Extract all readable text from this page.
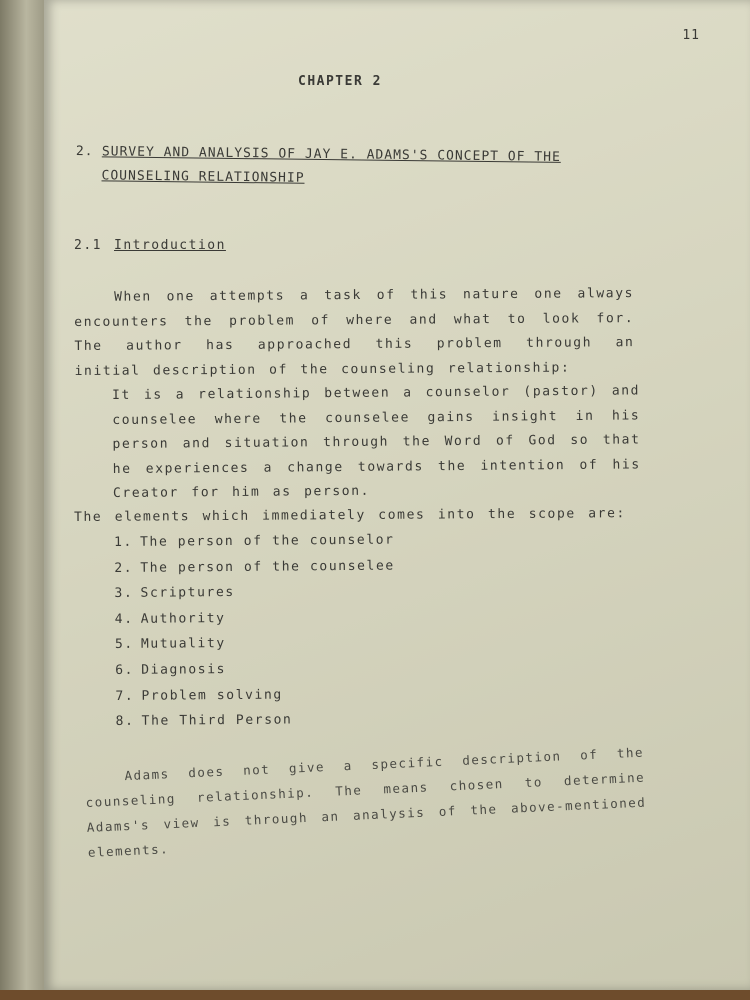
11
CHAPTER 2
2. SURVEY AND ANALYSIS OF JAY E. ADAMS'S CONCEPT OF THE
COUNSELING RELATIONSHIP
2.1 Introduction
When one attempts a task of this nature one always encounters the problem of where and what to look for. The author has approached this problem through an initial description of the counseling relationship:
It is a relationship between a counselor (pastor) and counselee where the counselee gains insight in his person and situation through the Word of God so that he experiences a change towards the intention of his Creator for him as person.
The elements which immediately comes into the scope are:
1. The person of the counselor
2. The person of the counselee
3. Scriptures
4. Authority
5. Mutuality
6. Diagnosis
7. Problem solving
8. The Third Person
Adams does not give a specific description of the counseling relationship. The means chosen to determine Adams's view is through an analysis of the above-mentioned elements.
